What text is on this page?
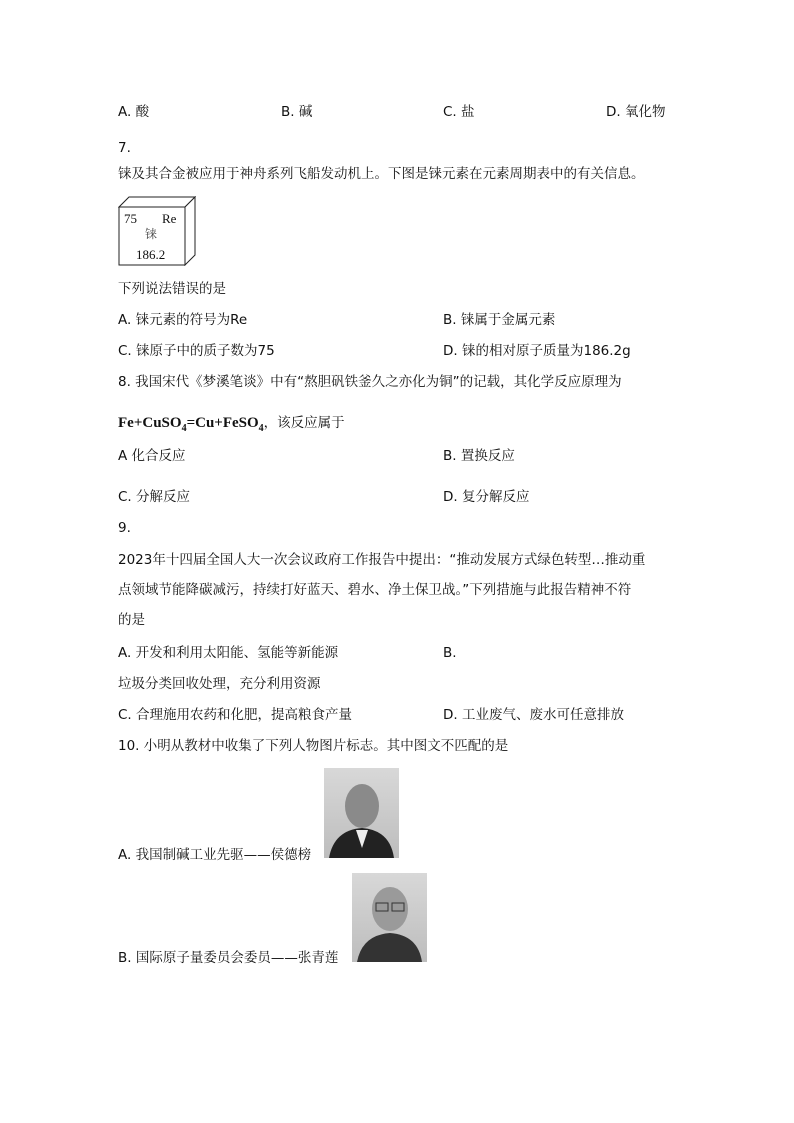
A. 酸	B. 碱	C. 盐	D. 氧化物
7.
铼及其合金被应用于神舟系列飞船发动机上。下图是铼元素在元素周期表中的有关信息。
75 Re
铼
186.2
下列说法错误的是
A. 铼元素的符号为Re	B. 铼属于金属元素
C. 铼原子中的质子数为75	D. 铼的相对原子质量为186.2g
8. 我国宋代《梦溪笔谈》中有“熬胆矾铁釜久之亦化为铜”的记载，其化学反应原理为
Fe+CuSO$_4$=Cu+FeSO$_4$，该反应属于
A 化合反应	B. 置换反应
C. 分解反应	D. 复分解反应
9.
2023年十四届全国人大一次会议政府工作报告中提出：“推动发展方式绿色转型…推动重
点领域节能降碳减污，持续打好蓝天、碧水、净土保卫战。”下列措施与此报告精神不符
的是
A. 开发和利用太阳能、氢能等新能源	B.
垃圾分类回收处理，充分利用资源
C. 合理施用农药和化肥，提高粮食产量	D. 工业废气、废水可任意排放
10. 小明从教材中收集了下列人物图片标志。其中图文不匹配的是
A. 我国制碱工业先驱——侯德榜
B. 国际原子量委员会委员——张青莲
